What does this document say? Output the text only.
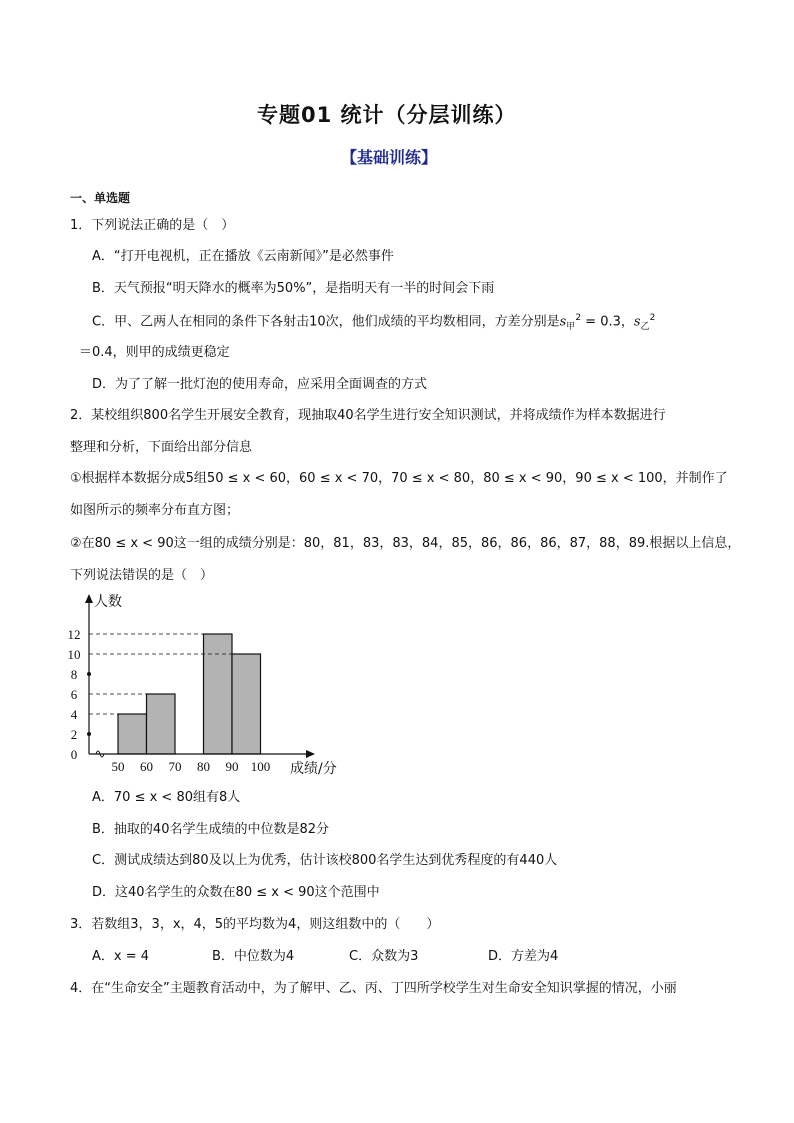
专题01 统计（分层训练）
【基础训练】
一、单选题
1．下列说法正确的是（　）
A．“打开电视机，正在播放《云南新闻》”是必然事件
B．天气预报“明天降水的概率为50%”，是指明天有一半的时间会下雨
C．甲、乙两人在相同的条件下各射击10次，他们成绩的平均数相同，方差分别是$s_甲^2 = 0.3$，$s_乙^2$
＝0.4，则甲的成绩更稳定
D．为了了解一批灯泡的使用寿命，应采用全面调查的方式
2．某校组织800名学生开展安全教育，现抽取40名学生进行安全知识测试，并将成绩作为样本数据进行
整理和分析，下面给出部分信息
①根据样本数据分成5组50 ≤ x < 60，60 ≤ x < 70，70 ≤ x < 80，80 ≤ x < 90，90 ≤ x < 100，并制作了
如图所示的频率分布直方图；
②在80 ≤ x < 90这一组的成绩分别是：80，81，83，83，84，85，86，86，86，87，88，89.根据以上信息，
下列说法错误的是（　）
0
2
4
6
8
10
12
50 60 70 80 90 100
人数
成绩/分
A．70 ≤ x < 80组有8人
B．抽取的40名学生成绩的中位数是82分
C．测试成绩达到80及以上为优秀，估计该校800名学生达到优秀程度的有440人
D．这40名学生的众数在80 ≤ x < 90这个范围中
3．若数组3，3，x，4，5的平均数为4，则这组数中的（　　）
A．x = 4	B．中位数为4	C．众数为3	D．方差为4
4．在“生命安全”主题教育活动中，为了解甲、乙、丙、丁四所学校学生对生命安全知识掌握的情况，小丽
